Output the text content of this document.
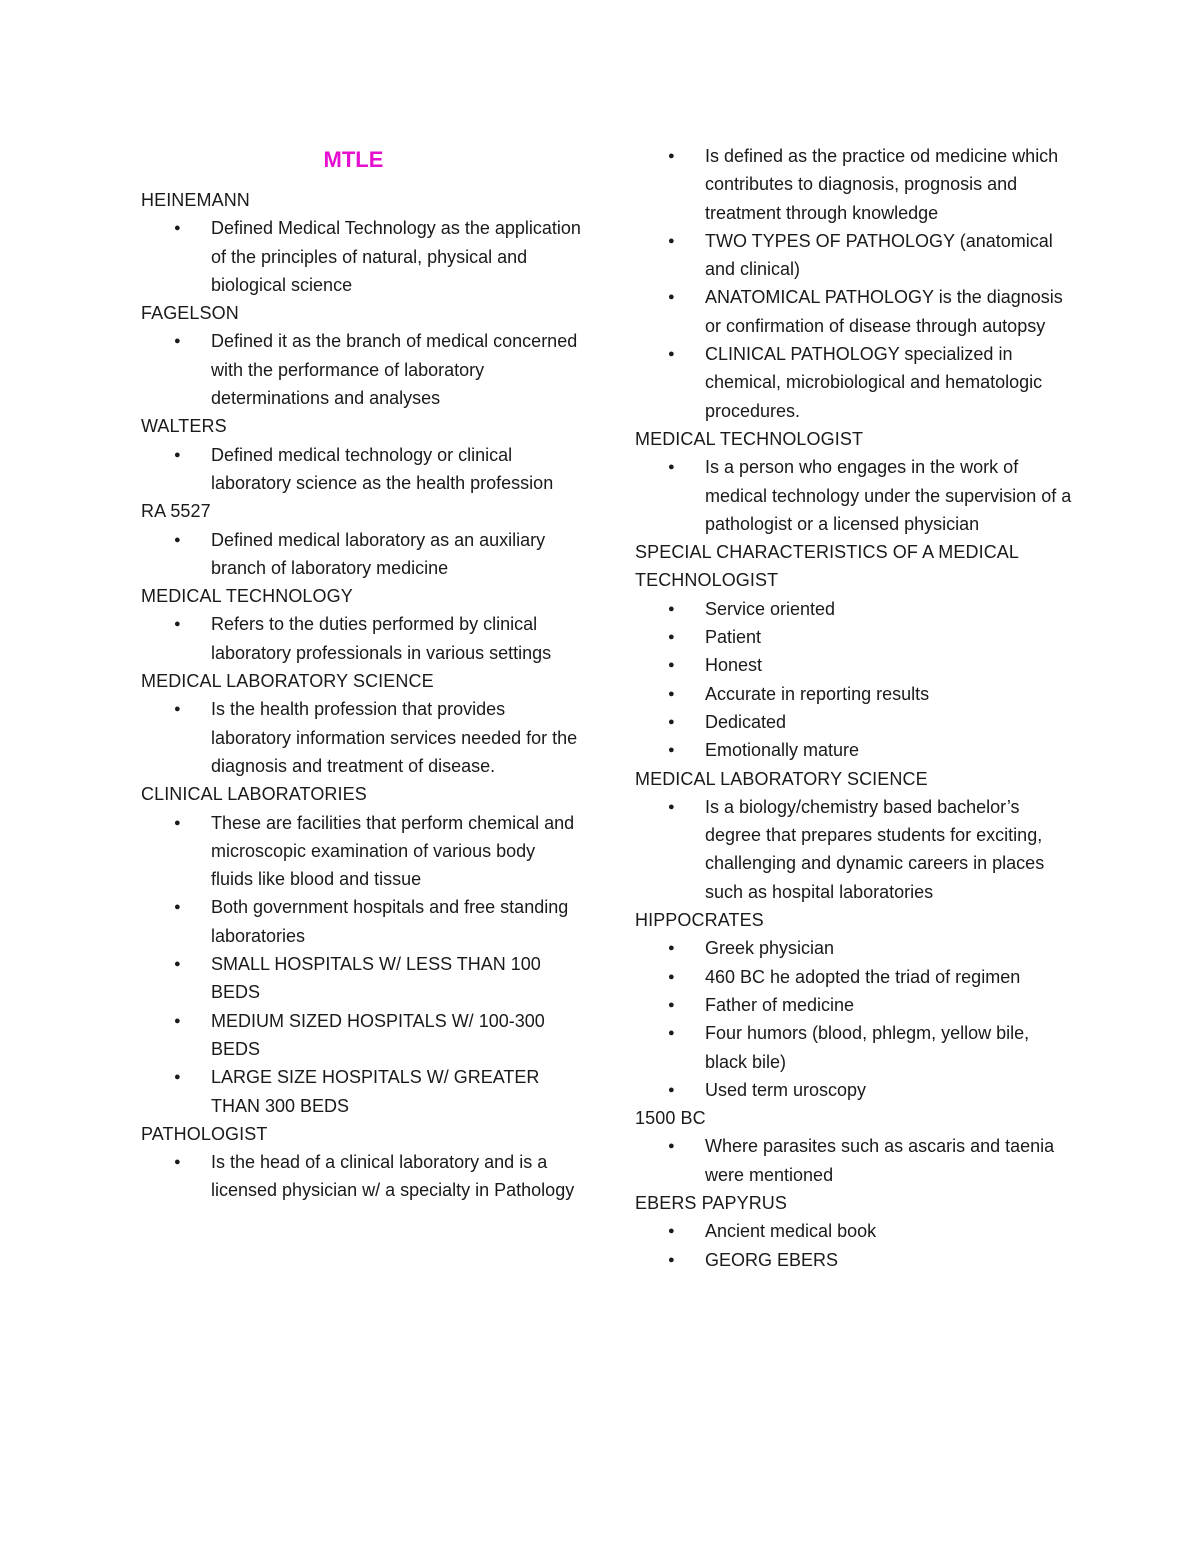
MTLE
HEINEMANN
● Defined Medical Technology as the application of the principles of natural, physical and biological science
FAGELSON
● Defined it as the branch of medical concerned with the performance of laboratory determinations and analyses
WALTERS
● Defined medical technology or clinical laboratory science as the health profession
RA 5527
● Defined medical laboratory as an auxiliary branch of laboratory medicine
MEDICAL TECHNOLOGY
● Refers to the duties performed by clinical laboratory professionals in various settings
MEDICAL LABORATORY SCIENCE
● Is the health profession that provides laboratory information services needed for the diagnosis and treatment of disease.
CLINICAL LABORATORIES
● These are facilities that perform chemical and microscopic examination of various body fluids like blood and tissue
● Both government hospitals and free standing laboratories
● SMALL HOSPITALS W/ LESS THAN 100 BEDS
● MEDIUM SIZED HOSPITALS W/ 100-300 BEDS
● LARGE SIZE HOSPITALS W/ GREATER THAN 300 BEDS
PATHOLOGIST
● Is the head of a clinical laboratory and is a licensed physician w/ a specialty in Pathology
● Is defined as the practice od medicine which contributes to diagnosis, prognosis and treatment through knowledge
● TWO TYPES OF PATHOLOGY (anatomical and clinical)
● ANATOMICAL PATHOLOGY is the diagnosis or confirmation of disease through autopsy
● CLINICAL PATHOLOGY specialized in chemical, microbiological and hematologic procedures.
MEDICAL TECHNOLOGIST
● Is a person who engages in the work of medical technology under the supervision of a pathologist or a licensed physician
SPECIAL CHARACTERISTICS OF A MEDICAL TECHNOLOGIST
● Service oriented
● Patient
● Honest
● Accurate in reporting results
● Dedicated
● Emotionally mature
MEDICAL LABORATORY SCIENCE
● Is a biology/chemistry based bachelor’s degree that prepares students for exciting, challenging and dynamic careers in places such as hospital laboratories
HIPPOCRATES
● Greek physician
● 460 BC he adopted the triad of regimen
● Father of medicine
● Four humors (blood, phlegm, yellow bile, black bile)
● Used term uroscopy
1500 BC
● Where parasites such as ascaris and taenia were mentioned
EBERS PAPYRUS
● Ancient medical book
● GEORG EBERS
